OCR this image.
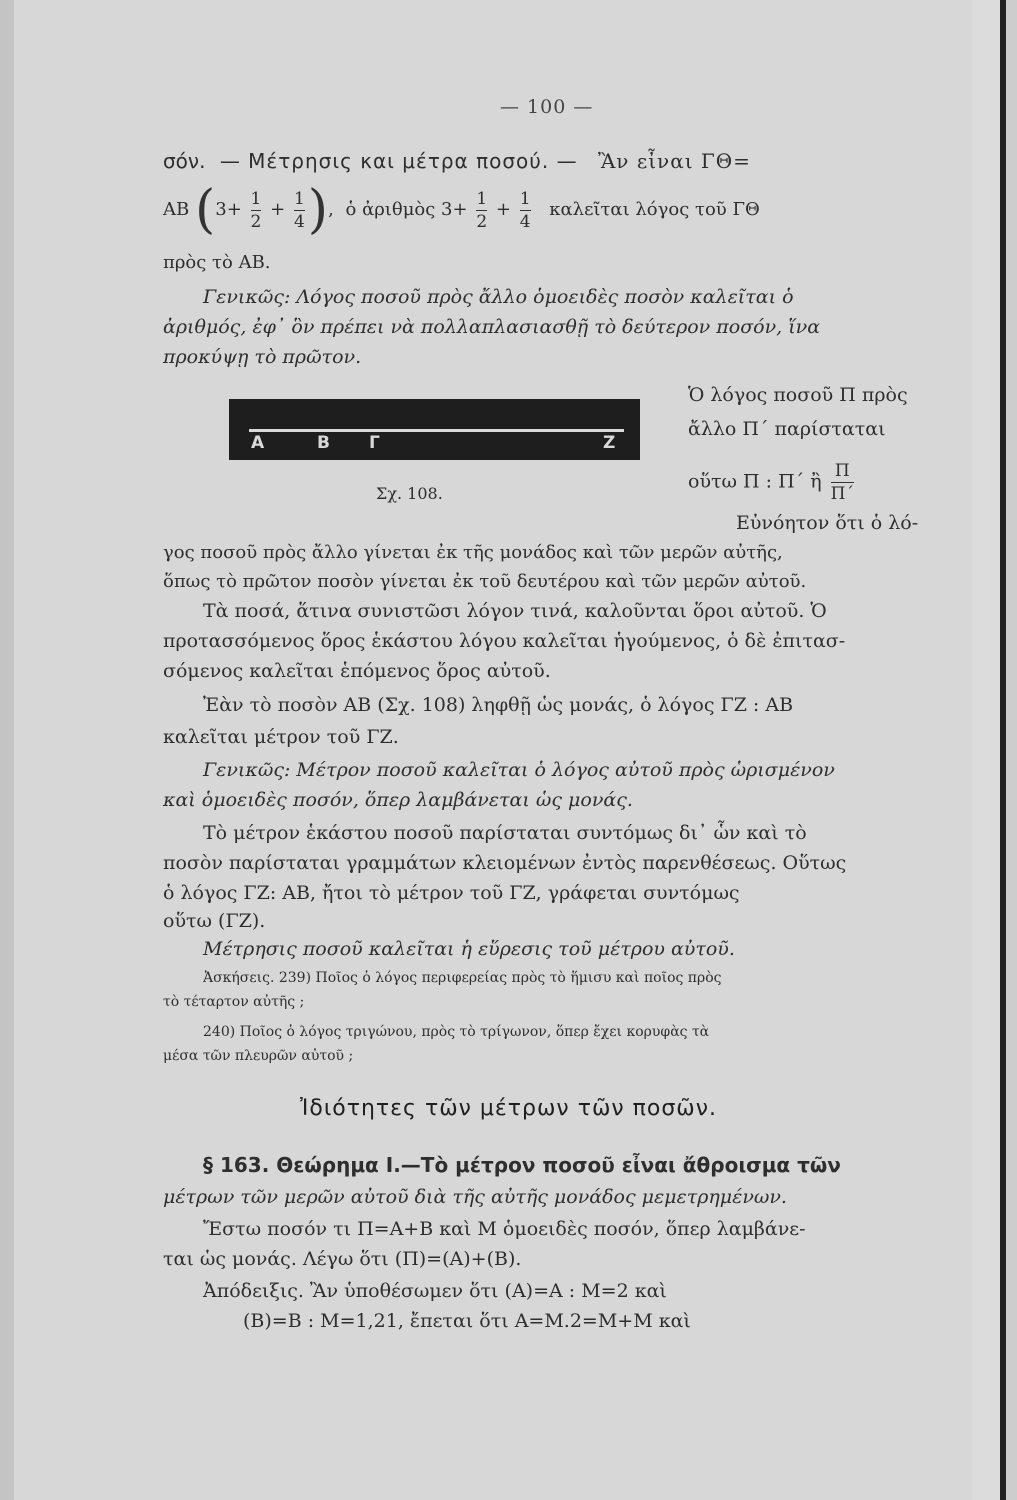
— 100 —
σόν. — Μέτρησις και μέτρα ποσού. — Ἂν εἶναι ΓΘ=
ΑΒ ($3+ \frac{1}{2} + \frac{1}{4}$ ), ὁ ἀριθμὸς $3+ \frac{1}{2} + \frac{1}{4}$ καλεῖται λόγος τοῦ ΓΘ
πρὸς τὸ ΑΒ.
Γενικῶς: Λόγος ποσοῦ πρὸς ἄλλο ὁμοειδὲς ποσὸν καλεῖται ὁ
ἀριθμός, ἐφ᾿ ὃν πρέπει νὰ πολλαπλασιασθῇ τὸ δεύτερον ποσόν, ἵνα
προκύψῃ τὸ πρῶτον.
Α	Β Γ	Ζ
Σχ. 108.
Ὁ λόγος ποσοῦ Π πρὸς
ἄλλο Π΄ παρίσταται
οὕτω Π : Π΄ ἢ $\frac{\Pi}{\Pi΄}$
Εὐνόητον ὅτι ὁ λό-
γος ποσοῦ πρὸς ἄλλο γίνεται ἐκ τῆς μονάδος καὶ τῶν μερῶν αὐτῆς,
ὅπως τὸ πρῶτον ποσὸν γίνεται ἐκ τοῦ δευτέρου καὶ τῶν μερῶν αὐτοῦ.
Τὰ ποσά, ἅτινα συνιστῶσι λόγον τινά, καλοῦνται ὅροι αὐτοῦ. Ὁ
προτασσόμενος ὅρος ἑκάστου λόγου καλεῖται ἡγούμενος, ὁ δὲ ἐπιτασ-
σόμενος καλεῖται ἑπόμενος ὅρος αὐτοῦ.
Ἐὰν τὸ ποσὸν ΑΒ (Σχ. 108) ληφθῇ ὡς μονάς, ὁ λόγος ΓΖ : ΑΒ
καλεῖται μέτρον τοῦ ΓΖ.
Γενικῶς: Μέτρον ποσοῦ καλεῖται ὁ λόγος αὐτοῦ πρὸς ὡρισμένον
καὶ ὁμοειδὲς ποσόν, ὅπερ λαμβάνεται ὡς μονάς.
Τὸ μέτρον ἑκάστου ποσοῦ παρίσταται συντόμως δι᾿ ὧν καὶ τὸ
ποσὸν παρίσταται γραμμάτων κλειομένων ἐντὸς παρενθέσεως. Οὕτως
ὁ λόγος ΓΖ: ΑΒ, ἤτοι τὸ μέτρον τοῦ ΓΖ, γράφεται συντόμως
οὕτω (ΓΖ).
Μέτρησις ποσοῦ καλεῖται ἡ εὕρεσις τοῦ μέτρου αὐτοῦ.
Ἀσκήσεις. 239) Ποῖος ὁ λόγος περιφερείας πρὸς τὸ ἥμισυ καὶ ποῖος πρὸς
τὸ τέταρτον αὐτῆς ;
240) Ποῖος ὁ λόγος τριγώνου, πρὸς τὸ τρίγωνον, ὅπερ ἔχει κορυφὰς τὰ
μέσα τῶν πλευρῶν αὐτοῦ ;
Ἰδιότητες τῶν μέτρων τῶν ποσῶν.
§ 163. Θεώρημα Ι.—Τὸ μέτρον ποσοῦ εἶναι ἄθροισμα τῶν
μέτρων τῶν μερῶν αὐτοῦ διὰ τῆς αὐτῆς μονάδος μεμετρημένων.
Ἔστω ποσόν τι Π=Α+Β καὶ Μ ὁμοειδὲς ποσόν, ὅπερ λαμβάνε-
ται ὡς μονάς. Λέγω ὅτι (Π)=(Α)+(Β).
Ἀπόδειξις. Ἂν ὑποθέσωμεν ὅτι (Α)=Α : Μ=2 καὶ
(Β)=Β : Μ=1,21, ἔπεται ὅτι Α=Μ.2=Μ+Μ καὶ
